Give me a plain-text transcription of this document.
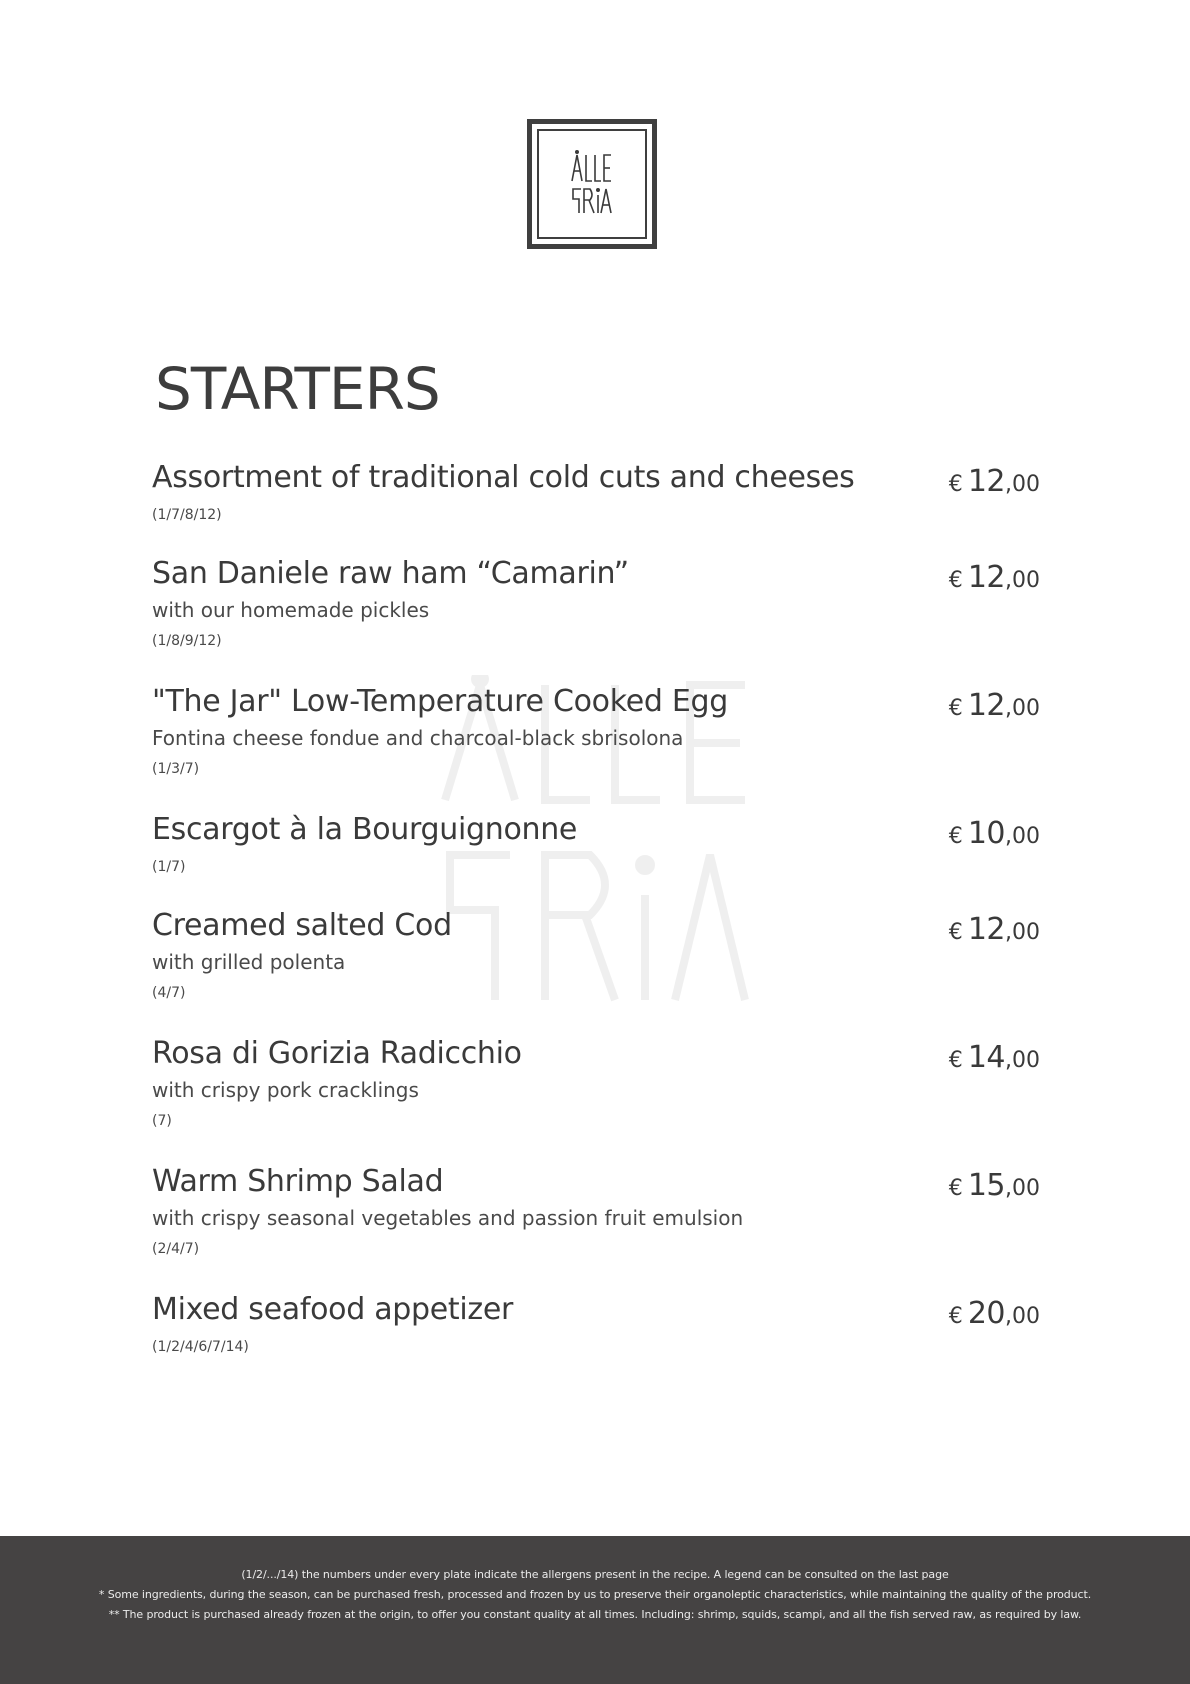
STARTERS
Assortment of traditional cold cuts and cheeses
(1/7/8/12)
€ 12,00
San Daniele raw ham “Camarin”
with our homemade pickles
(1/8/9/12)
€ 12,00
"The Jar" Low-Temperature Cooked Egg
Fontina cheese fondue and charcoal-black sbrisolona
(1/3/7)
€ 12,00
Escargot à la Bourguignonne
(1/7)
€ 10,00
Creamed salted Cod
with grilled polenta
(4/7)
€ 12,00
Rosa di Gorizia Radicchio
with crispy pork cracklings
(7)
€ 14,00
Warm Shrimp Salad
with crispy seasonal vegetables and passion fruit emulsion
(2/4/7)
€ 15,00
Mixed seafood appetizer
(1/2/4/6/7/14)
€ 20,00
(1/2/.../14) the numbers under every plate indicate the allergens present in the recipe. A legend can be consulted on the last page
* Some ingredients, during the season, can be purchased fresh, processed and frozen by us to preserve their organoleptic characteristics, while maintaining the quality of the product.
** The product is purchased already frozen at the origin, to offer you constant quality at all times. Including: shrimp, squids, scampi, and all the fish served raw, as required by law.
